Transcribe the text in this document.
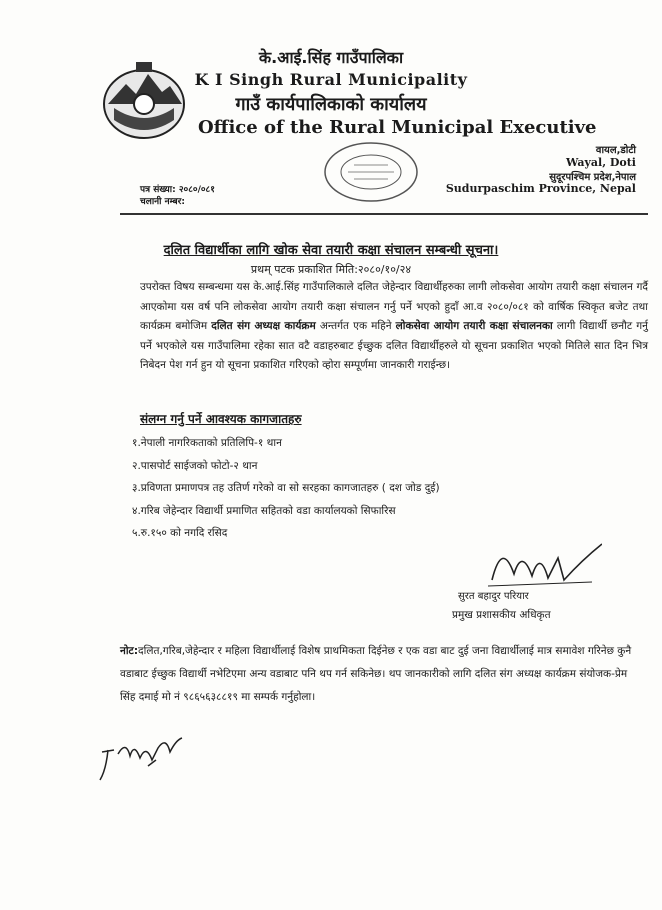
के.आई.सिंह गाउँपालिका
K I Singh Rural Municipality
गाउँ कार्यपालिकाको कार्यालय
Office of the Rural Municipal Executive
वायल,डोटी
Wayal, Doti
सुदूरपश्चिम प्रदेश,नेपाल
Sudurpaschim Province, Nepal
पत्र संख्या: २०८०/०८१
चलानी नम्बर:
दलित विद्यार्थीका लागि खोक सेवा तयारी कक्षा संचालन सम्बन्धी सूचना।
प्रथम् पटक प्रकाशित मिति:२०८०/१०/२४
उपरोक्त विषय सम्बन्धमा यस के.आई.सिंह गाउँपालिकाले दलित जेहेन्दार विद्यार्थीहरुका लागी लोकसेवा आयोग तयारी कक्षा संचालन गर्दै आएकोमा यस वर्ष पनि लोकसेवा आयोग तयारी कक्षा संचालन गर्नु पर्ने भएको हुदाँ आ.व २०८०/०८१ को वार्षिक स्विकृत बजेट तथा कार्यक्रम बमोजिम दलित संग अध्यक्ष कार्यक्रम अन्तर्गत एक महिने लोकसेवा आयोग तयारी कक्षा संचालनका लागी विद्यार्थी छनौट गर्नु पर्ने भएकोले यस गाउँपालिमा रहेका सात वटै वडाहरुबाट ईच्छुक दलित विद्यार्थीहरुले यो सूचना प्रकाशित भएको मितिले सात दिन भित्र निबेदन पेश गर्न हुन यो सूचना प्रकाशित गरिएको व्होरा सम्पूर्णमा जानकारी गराईन्छ।
संलग्न गर्नु पर्ने आवश्यक कागजातहरु
१.नेपाली नागरिकताको प्रतिलिपि-१ थान
२.पासपोर्ट साईजको फोटो-२ थान
३.प्रविणता प्रमाणपत्र तह उतिर्ण गरेको वा सो सरहका कागजातहरु ( दश जोड दुई)
४.गरिब जेहेन्दार विद्यार्थी प्रमाणित सहितको वडा कार्यालयको सिफारिस
५.रु.१५० को नगदि रसिद
सुरत बहादुर परियार
प्रमुख प्रशासकीय अधिकृत
नोट:दलित,गरिब,जेहेन्दार र महिला विद्यार्थीलाई विशेष प्राथमिकता दिईनेछ र एक वडा बाट दुई जना विद्यार्थीलाई मात्र समावेश गरिनेछ कुनै वडाबाट ईच्छुक विद्यार्थी नभेटिएमा अन्य वडाबाट पनि थप गर्न सकिनेछ। थप जानकारीको लागि दलित संग अध्यक्ष कार्यक्रम संयोजक-प्रेम सिंह दमाई मो नं ९८६५६३८८१९ मा सम्पर्क गर्नुहोला।
